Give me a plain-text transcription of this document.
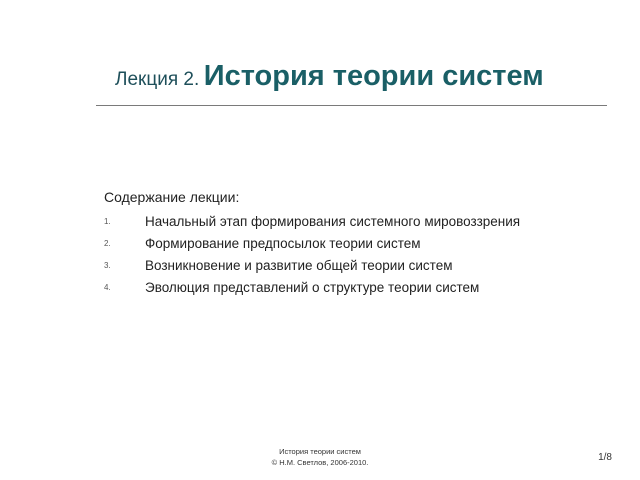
Лекция 2. История теории систем
Содержание лекции:
1.	Начальный этап формирования системного мировоззрения
2.	Формирование предпосылок теории систем
3.	Возникновение и развитие общей теории систем
4.	Эволюция представлений о структуре теории систем
История теории систем
© Н.М. Светлов, 2006-2010.	1/8
